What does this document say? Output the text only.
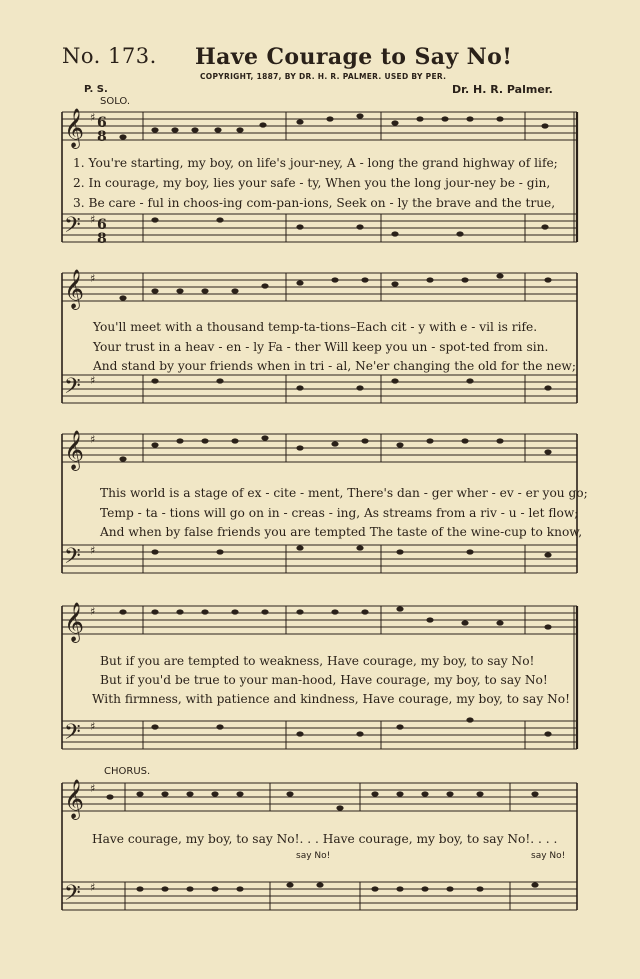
No. 173. Have Courage to Say No!
COPYRIGHT, 1887, BY DR. H. R. PALMER. USED BY PER.
P. S.	Dr. H. R. Palmer.
SOLO.
CHORUS.
𝄞 ♯ 6
8
𝄢 ♯ 6
8
𝄞 ♯
𝄢 ♯
𝄞 ♯
𝄢 ♯
𝄞 ♯
𝄢 ♯
𝄞 ♯
𝄢 ♯
1. You're starting, my boy, on life's jour-ney, A - long the grand highway of life;
2. In courage, my boy, lies your safe - ty, When you the long jour-ney be - gin,
3. Be care - ful in choos-ing com-pan-ions, Seek on - ly the brave and the true,
You'll meet with a thousand temp-ta-tions–Each cit - y with e - vil is rife.
Your trust in a heav - en - ly Fa - ther Will keep you un - spot-ted from sin.
And stand by your friends when in tri - al, Ne'er changing the old for the new;
This world is a stage of ex - cite - ment, There's dan - ger wher - ev - er you go;
Temp - ta - tions will go on in - creas - ing, As streams from a riv - u - let flow;
And when by false friends you are tempted The taste of the wine-cup to know,
But if you are tempted to weakness, Have courage, my boy, to say No!
But if you'd be true to your man-hood, Have courage, my boy, to say No!
With firmness, with patience and kindness, Have courage, my boy, to say No!
Have courage, my boy, to say No!. . . Have courage, my boy, to say No!. . . .
say No!	say No!
